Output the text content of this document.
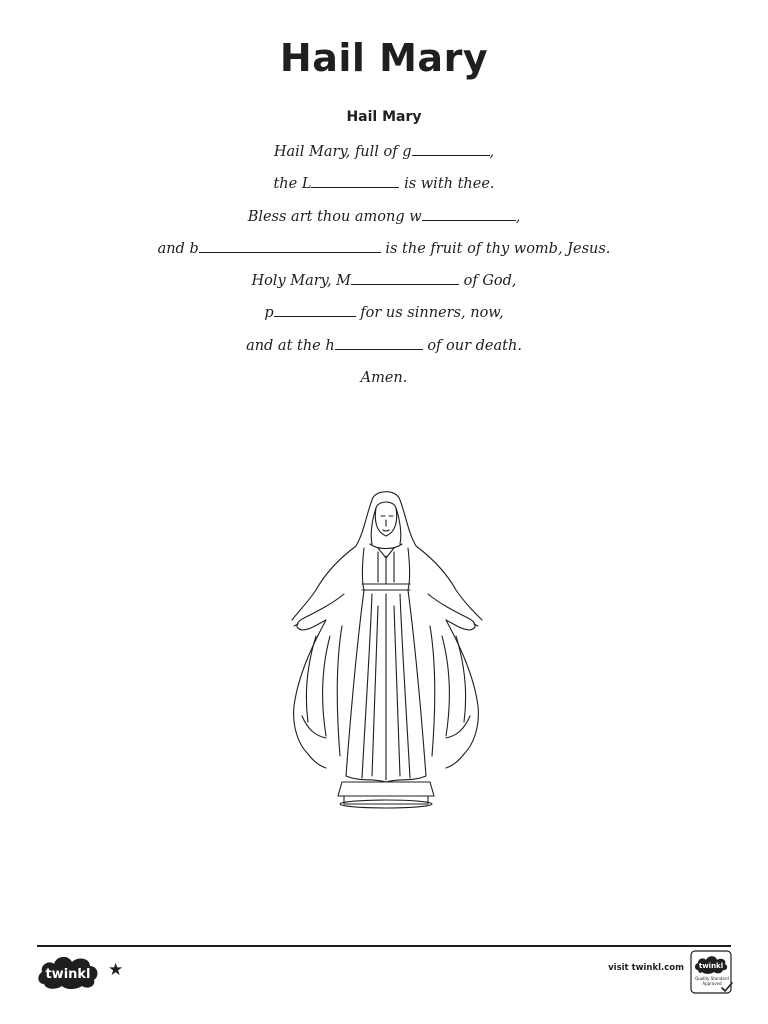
Hail Mary
Hail Mary
Hail Mary, full of g	,
the L	is with thee.
Bless art thou among w	,
and b	is the fruit of thy womb, Jesus.
Holy Mary, M	of God,
p	for us sinners, now,
and at the h	of our death.
Amen.
twinkl ★	visit twinkl.com twinkl
Quality Standard
Approved
